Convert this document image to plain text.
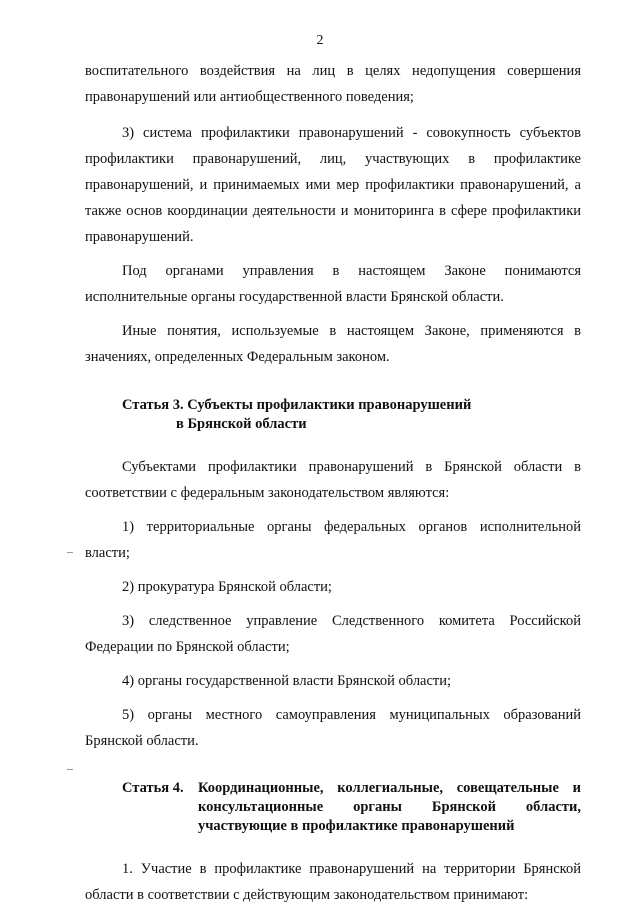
2

воспитательного воздействия на лиц в целях недопущения совершения правонарушений или антиобщественного поведения;

3) система профилактики правонарушений - совокупность субъектов профилактики правонарушений, лиц, участвующих в профилактике правонарушений, и принимаемых ими мер профилактики правонарушений, а также основ координации деятельности и мониторинга в сфере профилактики правонарушений.

Под органами управления в настоящем Законе понимаются исполнительные органы государственной власти Брянской области.

Иные понятия, используемые в настоящем Законе, применяются в значениях, определенных Федеральным законом.

Статья 3. Субъекты профилактики правонарушений
в Брянской области

Субъектами профилактики правонарушений в Брянской области в соответствии с федеральным законодательством являются:

1) территориальные органы федеральных органов исполнительной власти;

2) прокуратура Брянской области;

3) следственное управление Следственного комитета Российской Федерации по Брянской области;

4) органы государственной власти Брянской области;

5) органы местного самоуправления муниципальных образований Брянской области.

Статья 4. Координационные, коллегиальные, совещательные и
консультационные органы Брянской области,
участвующие в профилактике правонарушений

1. Участие в профилактике правонарушений на территории Брянской области в соответствии с действующим законодательством принимают:
